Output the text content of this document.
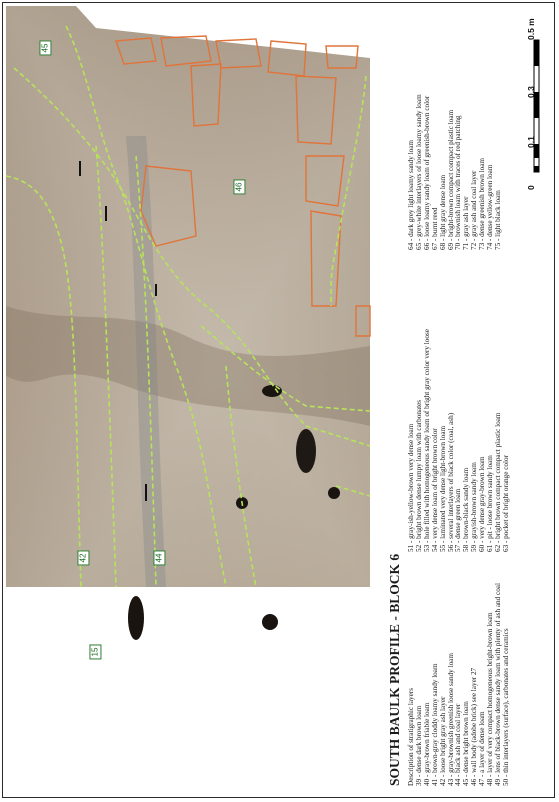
45
46
42	44
15
0
0.1
0.3
0.5 m
SOUTH BAULK PROFILE - BLOCK 6 Description of stratigraphic layers 39 - dense dark brown loam 40 - gray-brown friable loam 41 - brown-gray cloddy loamy sandy loam 42 - loose bright gray ash layer 43 - gray-brownish greenish loose sandy loam 44 - black ash and coal layer 45 - dense bright brown loam 46 - wall body (adobe brick) see layer 27 47 - a layer of dense loam 48 - layer of very compact homogeneous bright-brown loam 49 - lens of black-brown dense sandy loam with plenty of ash and coal 50 - thin interlayers (surface), carbonates and ceramics
51 - gray-ish-yellow-brown very dense loam 52 - bright brown dense lumpy loam with carbonates 53 - hole filled with homogeneous sandy loam of bright gray color very loose 54 - very dense loam of bright brown color 55 - laminated very dense light-brown loam 56 - several interlayers of black color (coal, ash) 57 - dense green loam 58 - brown-black sandy loam 59 - grayish-brown sandy loam 60 - very dense gray-brown loam 61 - pit - loose brown sandy loam 62 - bright brown compact compact plastic loam 63 - pocket of bright orange color
64 - dark grey light loamy sandy loam 65 - grey-white interlayers of loose loamy sandy loam 66 - loose loamy sandy loam of greenish-brown color 67 - burnt reed 68 - light gray dense loam 69 - bright-brown compact compact plastic loam 70 - brownish loam with traces of red patching 71 - gray ash layer 72 - gray ash and coal layer 73 - dense greenish brown loam 74 - dense yellow-green loam 75 - light black loam
